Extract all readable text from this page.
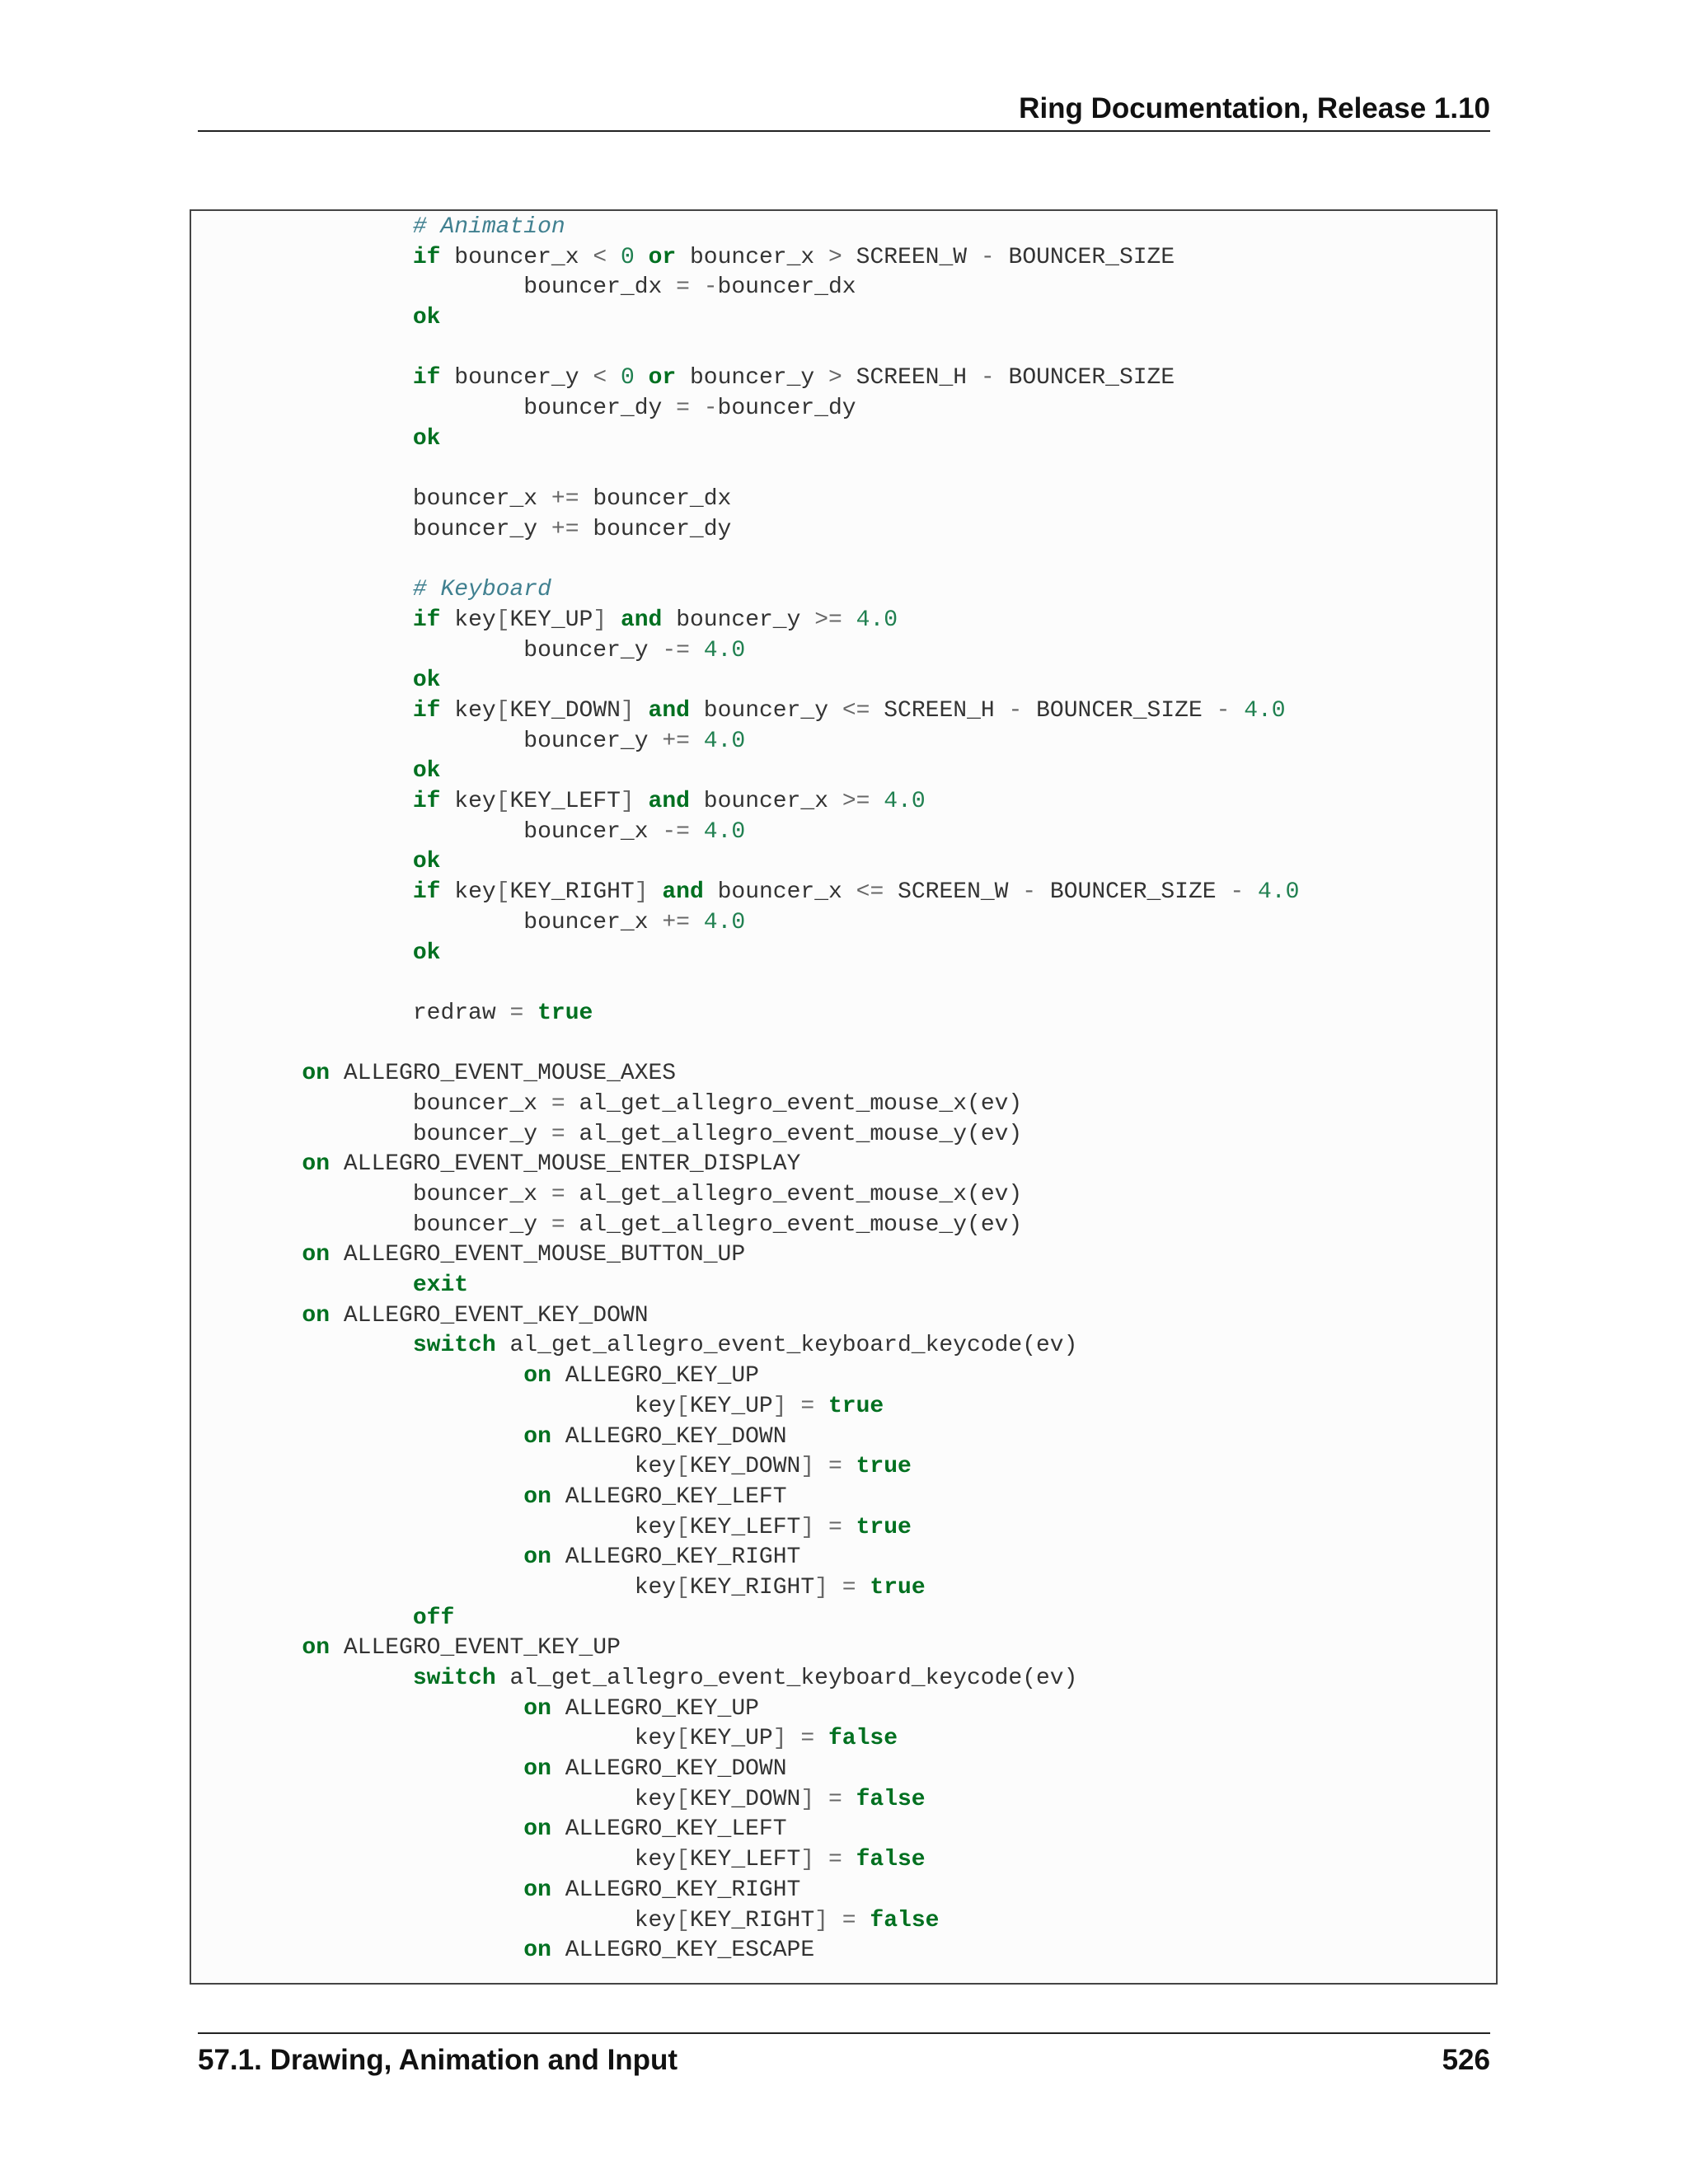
Ring Documentation, Release 1.10
# Animation
if bouncer_x < 0 or bouncer_x > SCREEN_W - BOUNCER_SIZE
bouncer_dx = -bouncer_dx
ok

if bouncer_y < 0 or bouncer_y > SCREEN_H - BOUNCER_SIZE
bouncer_dy = -bouncer_dy
ok

bouncer_x += bouncer_dx
bouncer_y += bouncer_dy

# Keyboard
if key[KEY_UP] and bouncer_y >= 4.0
bouncer_y -= 4.0
ok
if key[KEY_DOWN] and bouncer_y <= SCREEN_H - BOUNCER_SIZE - 4.0
bouncer_y += 4.0
ok
if key[KEY_LEFT] and bouncer_x >= 4.0
bouncer_x -= 4.0
ok
if key[KEY_RIGHT] and bouncer_x <= SCREEN_W - BOUNCER_SIZE - 4.0
bouncer_x += 4.0
ok

redraw = true

on ALLEGRO_EVENT_MOUSE_AXES
bouncer_x = al_get_allegro_event_mouse_x(ev)
bouncer_y = al_get_allegro_event_mouse_y(ev)
on ALLEGRO_EVENT_MOUSE_ENTER_DISPLAY
bouncer_x = al_get_allegro_event_mouse_x(ev)
bouncer_y = al_get_allegro_event_mouse_y(ev)
on ALLEGRO_EVENT_MOUSE_BUTTON_UP
exit
on ALLEGRO_EVENT_KEY_DOWN
switch al_get_allegro_event_keyboard_keycode(ev)
on ALLEGRO_KEY_UP
key[KEY_UP] = true
on ALLEGRO_KEY_DOWN
key[KEY_DOWN] = true
on ALLEGRO_KEY_LEFT
key[KEY_LEFT] = true
on ALLEGRO_KEY_RIGHT
key[KEY_RIGHT] = true
off
on ALLEGRO_EVENT_KEY_UP
switch al_get_allegro_event_keyboard_keycode(ev)
on ALLEGRO_KEY_UP
key[KEY_UP] = false
on ALLEGRO_KEY_DOWN
key[KEY_DOWN] = false
on ALLEGRO_KEY_LEFT
key[KEY_LEFT] = false
on ALLEGRO_KEY_RIGHT
key[KEY_RIGHT] = false
on ALLEGRO_KEY_ESCAPE
57.1. Drawing, Animation and Input	526
